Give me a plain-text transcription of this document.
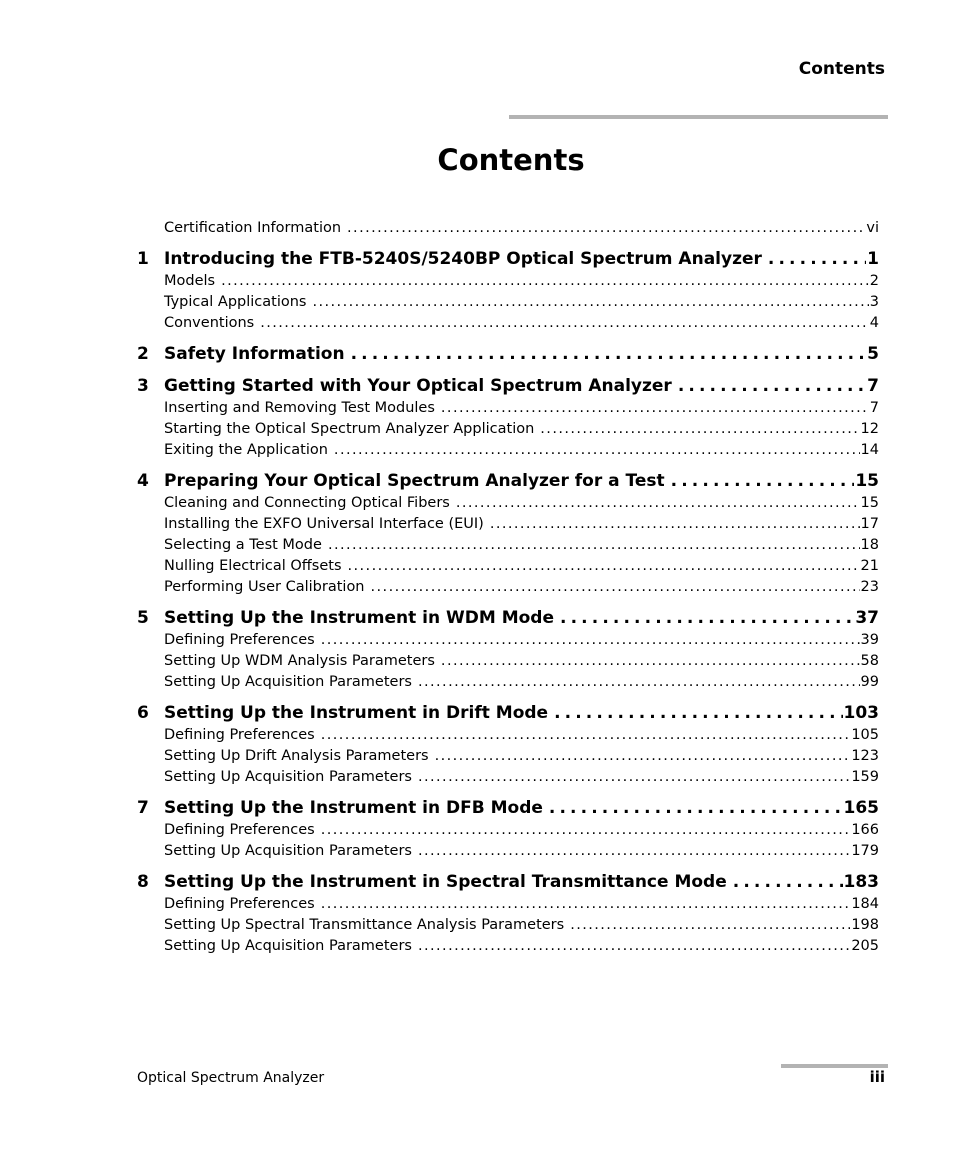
Contents
Contents
Certification Information . . .	vi
1 Introducing the FTB-5240S/5240BP Optical Spectrum Analyzer . . .	1
Models . . .	2
Typical Applications . . .	3
Conventions . . .	4
2 Safety Information . . .	5
3 Getting Started with Your Optical Spectrum Analyzer . . .	7
Inserting and Removing Test Modules . . .	7
Starting the Optical Spectrum Analyzer Application . . .	12
Exiting the Application . . .	14
4 Preparing Your Optical Spectrum Analyzer for a Test . . .	15
Cleaning and Connecting Optical Fibers . . .	15
Installing the EXFO Universal Interface (EUI) . . .	17
Selecting a Test Mode . . .	18
Nulling Electrical Offsets . . .	21
Performing User Calibration . . .	23
5 Setting Up the Instrument in WDM Mode . . .	37
Defining Preferences . . .	39
Setting Up WDM Analysis Parameters . . .	58
Setting Up Acquisition Parameters . . .	99
6 Setting Up the Instrument in Drift Mode . . .	103
Defining Preferences . . .	105
Setting Up Drift Analysis Parameters . . .	123
Setting Up Acquisition Parameters . . .	159
7 Setting Up the Instrument in DFB Mode . . .	165
Defining Preferences . . .	166
Setting Up Acquisition Parameters . . .	179
8 Setting Up the Instrument in Spectral Transmittance Mode . . .	183
Defining Preferences . . .	184
Setting Up Spectral Transmittance Analysis Parameters . . .	198
Setting Up Acquisition Parameters . . .	205
Optical Spectrum Analyzer	iii
